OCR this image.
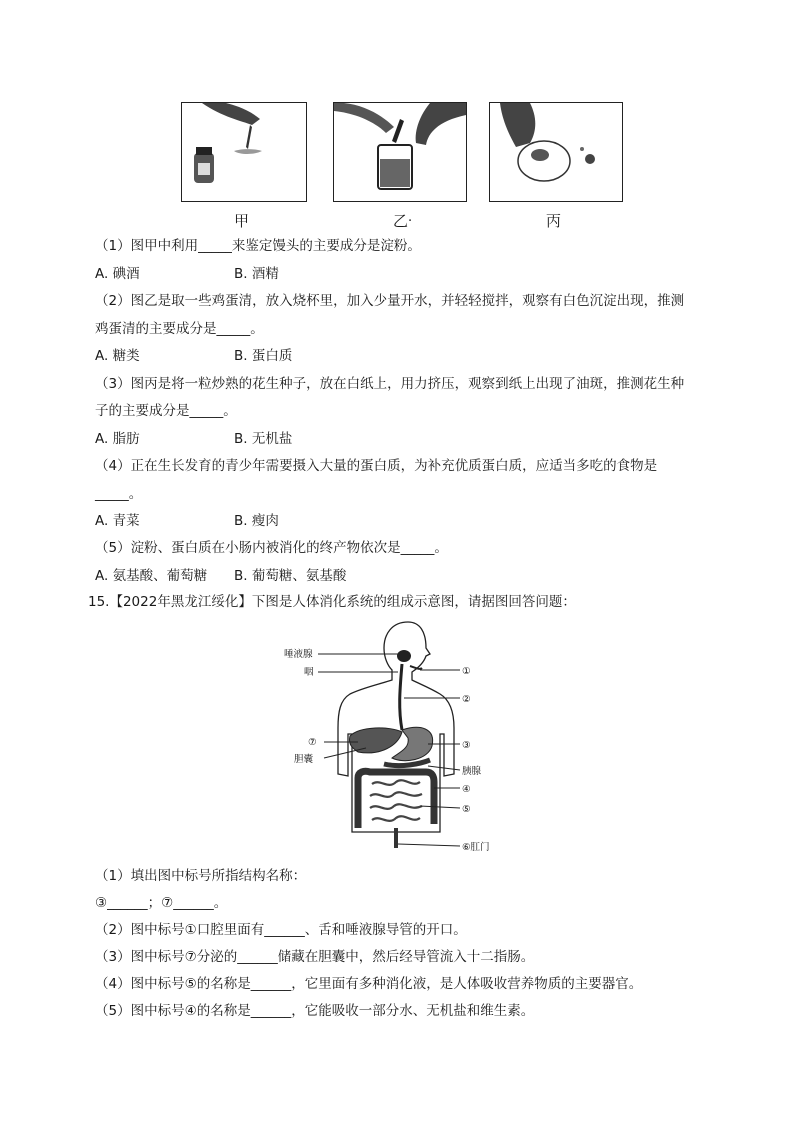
甲	乙 .	丙
（1）图甲中利用_____来鉴定馒头的主要成分是淀粉。
A. 碘酒	B. 酒精
（2）图乙是取一些鸡蛋清，放入烧杯里，加入少量开水，并轻轻搅拌，观察有白色沉淀出现，推测
鸡蛋清的主要成分是_____。
A. 糖类	B. 蛋白质
（3）图丙是将一粒炒熟的花生种子，放在白纸上，用力挤压，观察到纸上出现了油斑，推测花生种
子的主要成分是_____。
A. 脂肪	B. 无机盐
（4）正在生长发育的青少年需要摄入大量的蛋白质，为补充优质蛋白质，应适当多吃的食物是
_____。
A. 青菜	B. 瘦肉
（5）淀粉、蛋白质在小肠内被消化的终产物依次是_____。
A. 氨基酸、葡萄糖 B. 葡萄糖、氨基酸
15.【2022年黑龙江绥化】下图是人体消化系统的组成示意图，请据图回答问题：
唾液腺
咽	①
②
③
⑦
胆囊
胰腺
④
⑤
⑥肛门
（1）填出图中标号所指结构名称：
③______；⑦______。
（2）图中标号①口腔里面有______、舌和唾液腺导管的开口。
（3）图中标号⑦分泌的______储藏在胆囊中，然后经导管流入十二指肠。
（4）图中标号⑤的名称是______，它里面有多种消化液，是人体吸收营养物质的主要器官。
（5）图中标号④的名称是______，它能吸收一部分水、无机盐和维生素。
